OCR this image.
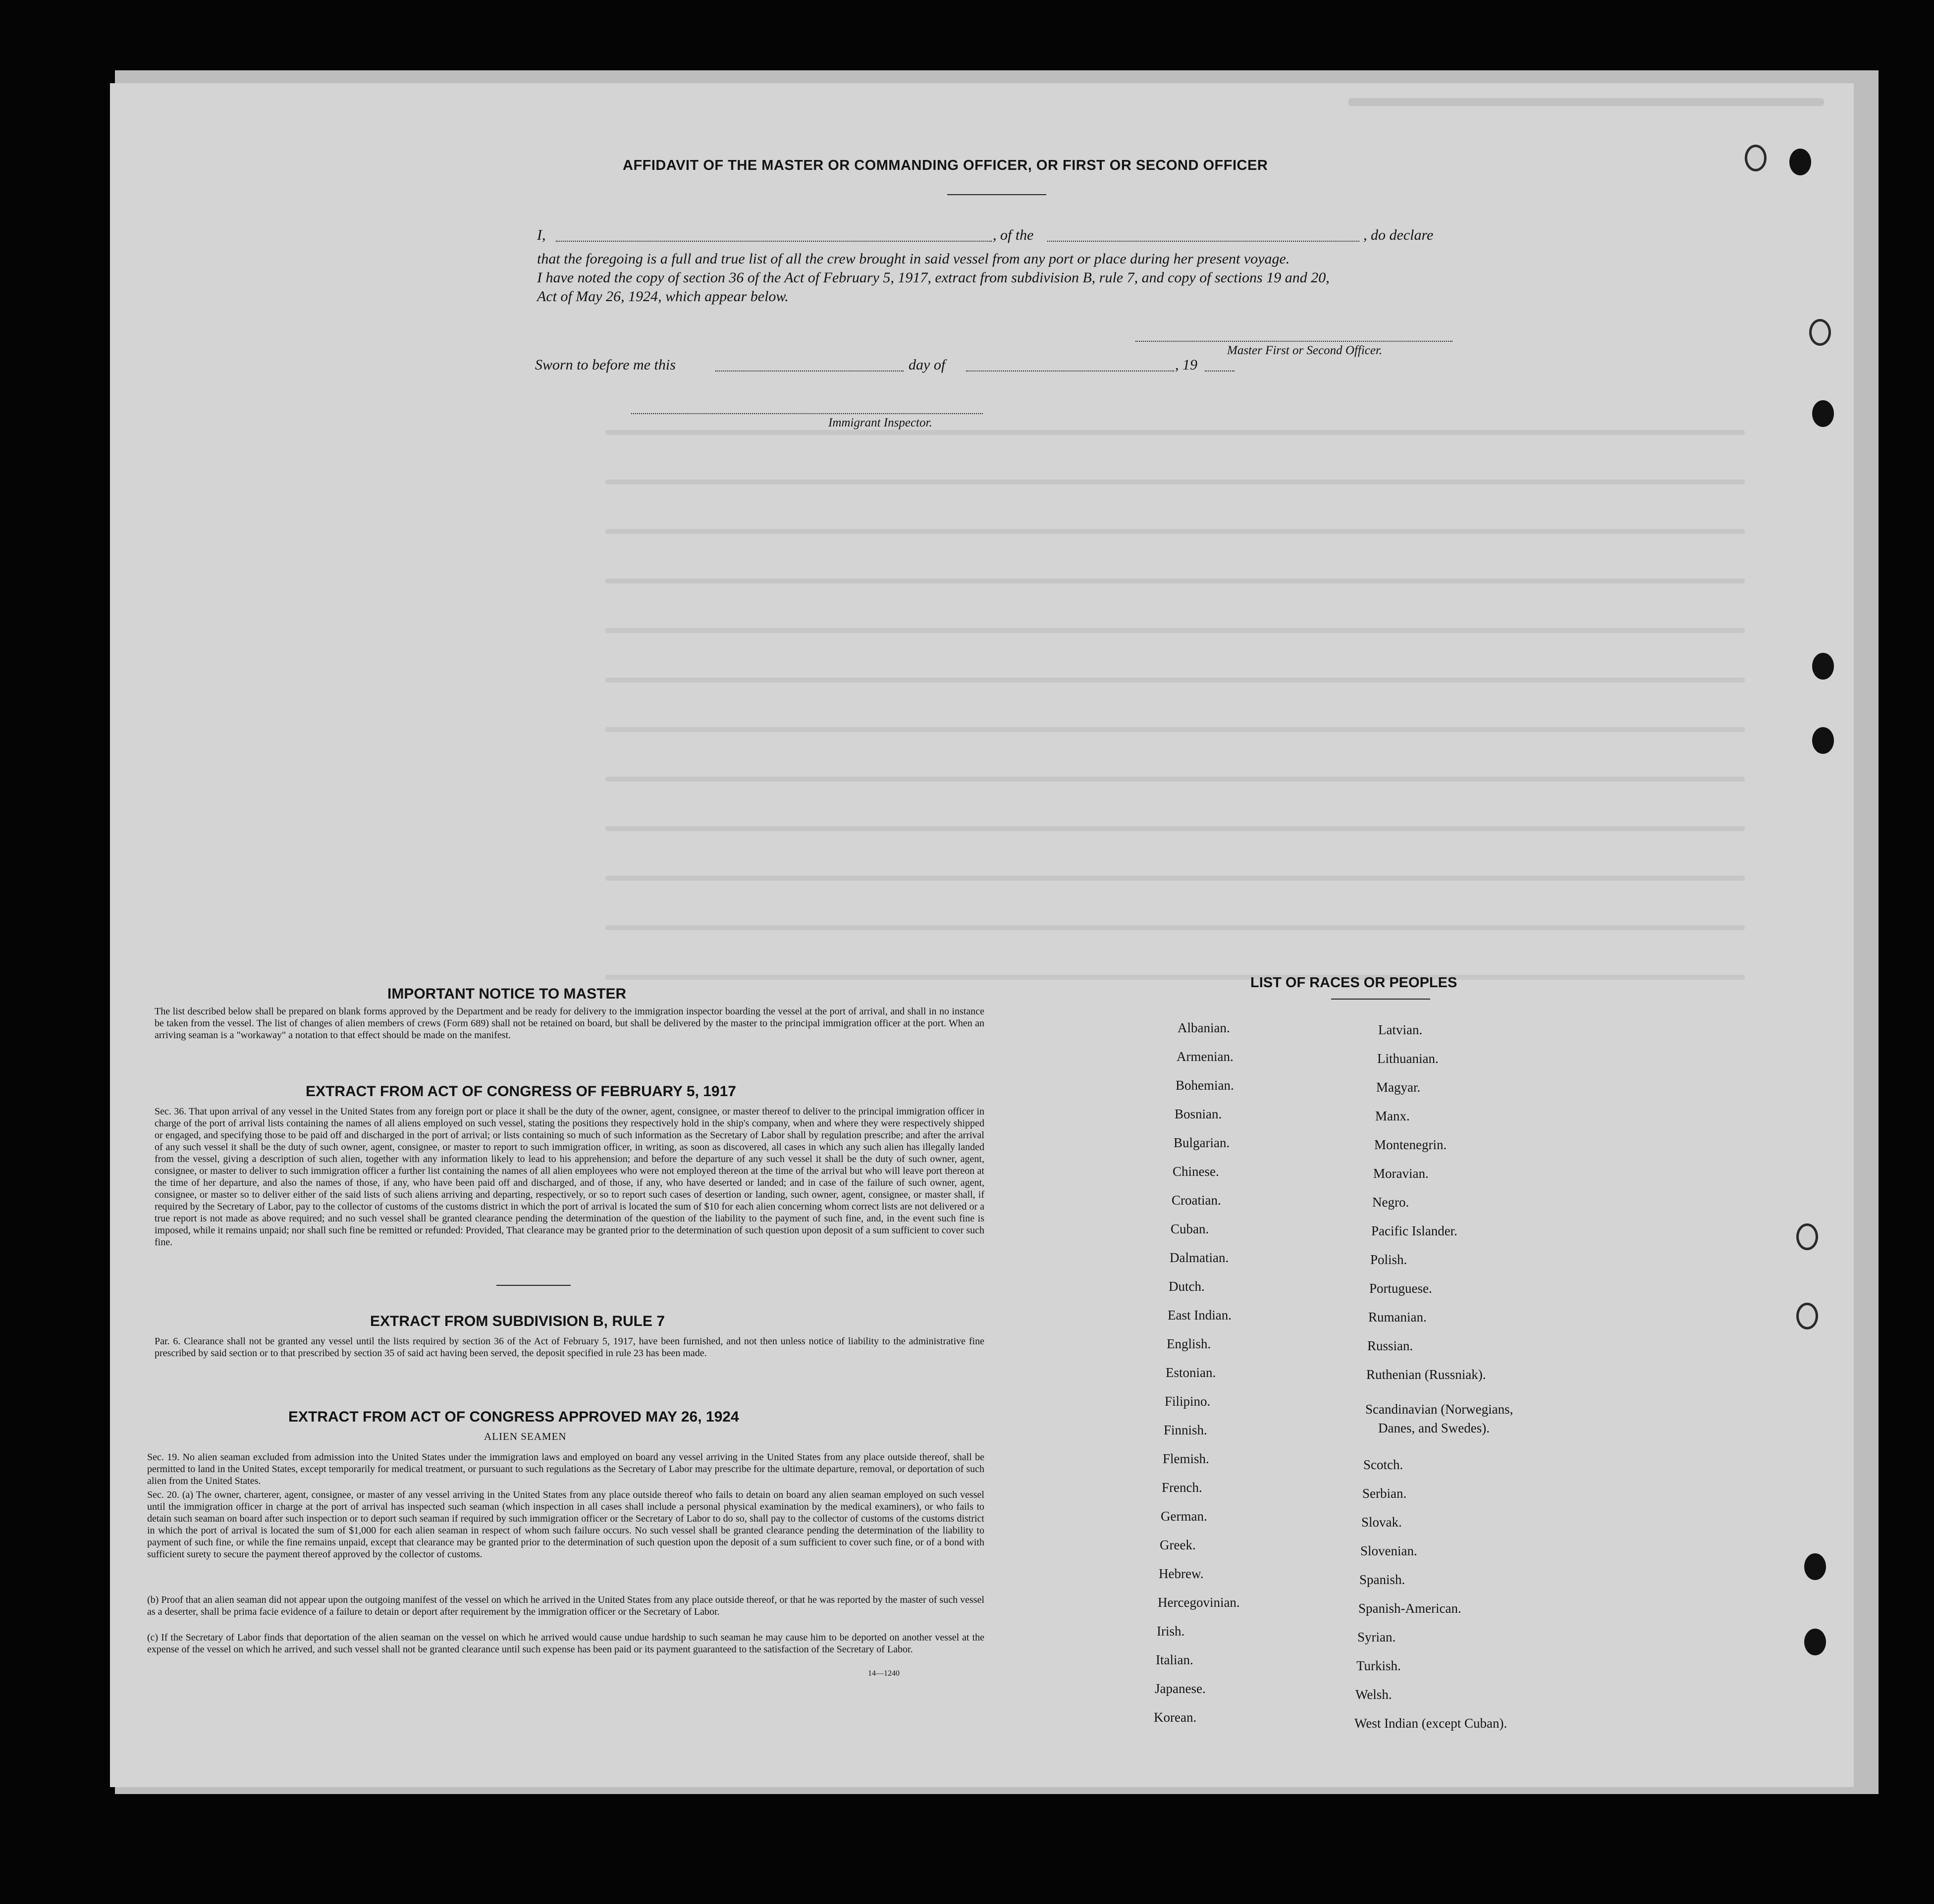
AFFIDAVIT OF THE MASTER OR COMMANDING OFFICER, OR FIRST OR SECOND OFFICER
I,	, of the	, do declare
that the foregoing is a full and true list of all the crew brought in said vessel from any port or place during her present voyage.
I have noted the copy of section 36 of the Act of February 5, 1917, extract from subdivision B, rule 7, and copy of sections 19 and 20,
Act of May 26, 1924, which appear below.
Master First or Second Officer.
Sworn to before me this	day of	, 19
Immigrant Inspector.
IMPORTANT NOTICE TO MASTER
The list described below shall be prepared on blank forms approved by the Department and be ready for delivery to the immigration inspector boarding the vessel at the port of arrival, and shall in no instance be taken from the vessel. The list of changes of alien members of crews (Form 689) shall not be retained on board, but shall be delivered by the master to the principal immigration officer at the port. When an arriving seaman is a "workaway" a notation to that effect should be made on the manifest.
EXTRACT FROM ACT OF CONGRESS OF FEBRUARY 5, 1917
Sec. 36. That upon arrival of any vessel in the United States from any foreign port or place it shall be the duty of the owner, agent, consignee, or master thereof to deliver to the principal immigration officer in charge of the port of arrival lists containing the names of all aliens employed on such vessel, stating the positions they respectively hold in the ship's company, when and where they were respectively shipped or engaged, and specifying those to be paid off and discharged in the port of arrival; or lists containing so much of such information as the Secretary of Labor shall by regulation prescribe; and after the arrival of any such vessel it shall be the duty of such owner, agent, consignee, or master to report to such immigration officer, in writing, as soon as discovered, all cases in which any such alien has illegally landed from the vessel, giving a description of such alien, together with any information likely to lead to his apprehension; and before the departure of any such vessel it shall be the duty of such owner, agent, consignee, or master to deliver to such immigration officer a further list containing the names of all alien employees who were not employed thereon at the time of the arrival but who will leave port thereon at the time of her departure, and also the names of those, if any, who have been paid off and discharged, and of those, if any, who have deserted or landed; and in case of the failure of such owner, agent, consignee, or master so to deliver either of the said lists of such aliens arriving and departing, respectively, or so to report such cases of desertion or landing, such owner, agent, consignee, or master shall, if required by the Secretary of Labor, pay to the collector of customs of the customs district in which the port of arrival is located the sum of $10 for each alien concerning whom correct lists are not delivered or a true report is not made as above required; and no such vessel shall be granted clearance pending the determination of the question of the liability to the payment of such fine, and, in the event such fine is imposed, while it remains unpaid; nor shall such fine be remitted or refunded: Provided, That clearance may be granted prior to the determination of such question upon deposit of a sum sufficient to cover such fine.
EXTRACT FROM SUBDIVISION B, RULE 7
Par. 6. Clearance shall not be granted any vessel until the lists required by section 36 of the Act of February 5, 1917, have been furnished, and not then unless notice of liability to the administrative fine prescribed by said section or to that prescribed by section 35 of said act having been served, the deposit specified in rule 23 has been made.
EXTRACT FROM ACT OF CONGRESS APPROVED MAY 26, 1924
ALIEN SEAMEN
Sec. 19. No alien seaman excluded from admission into the United States under the immigration laws and employed on board any vessel arriving in the United States from any place outside thereof, shall be permitted to land in the United States, except temporarily for medical treatment, or pursuant to such regulations as the Secretary of Labor may prescribe for the ultimate departure, removal, or deportation of such alien from the United States.
Sec. 20. (a) The owner, charterer, agent, consignee, or master of any vessel arriving in the United States from any place outside thereof who fails to detain on board any alien seaman employed on such vessel until the immigration officer in charge at the port of arrival has inspected such seaman (which inspection in all cases shall include a personal physical examination by the medical examiners), or who fails to detain such seaman on board after such inspection or to deport such seaman if required by such immigration officer or the Secretary of Labor to do so, shall pay to the collector of customs of the customs district in which the port of arrival is located the sum of $1,000 for each alien seaman in respect of whom such failure occurs. No such vessel shall be granted clearance pending the determination of the liability to payment of such fine, or while the fine remains unpaid, except that clearance may be granted prior to the determination of such question upon the deposit of a sum sufficient to cover such fine, or of a bond with sufficient surety to secure the payment thereof approved by the collector of customs.
(b) Proof that an alien seaman did not appear upon the outgoing manifest of the vessel on which he arrived in the United States from any place outside thereof, or that he was reported by the master of such vessel as a deserter, shall be prima facie evidence of a failure to detain or deport after requirement by the immigration officer or the Secretary of Labor.
(c) If the Secretary of Labor finds that deportation of the alien seaman on the vessel on which he arrived would cause undue hardship to such seaman he may cause him to be deported on another vessel at the expense of the vessel on which he arrived, and such vessel shall not be granted clearance until such expense has been paid or its payment guaranteed to the satisfaction of the Secretary of Labor.
14—1240
LIST OF RACES OR PEOPLES
Albanian.
Armenian.
Bohemian.
Bosnian.
Bulgarian.
Chinese.
Croatian.
Cuban.
Dalmatian.
Dutch.
East Indian.
English.
Estonian.
Filipino.
Finnish.
Flemish.
French.
German.
Greek.
Hebrew.
Hercegovinian.
Irish.
Italian.
Japanese.
Korean.
Latvian.
Lithuanian.
Magyar.
Manx.
Montenegrin.
Moravian.
Negro.
Pacific Islander.
Polish.
Portuguese.
Rumanian.
Russian.
Ruthenian (Russniak).
Scandinavian (Norwegians,
Danes, and Swedes).
Scotch.
Serbian.
Slovak.
Slovenian.
Spanish.
Spanish-American.
Syrian.
Turkish.
Welsh.
West Indian (except Cuban).
